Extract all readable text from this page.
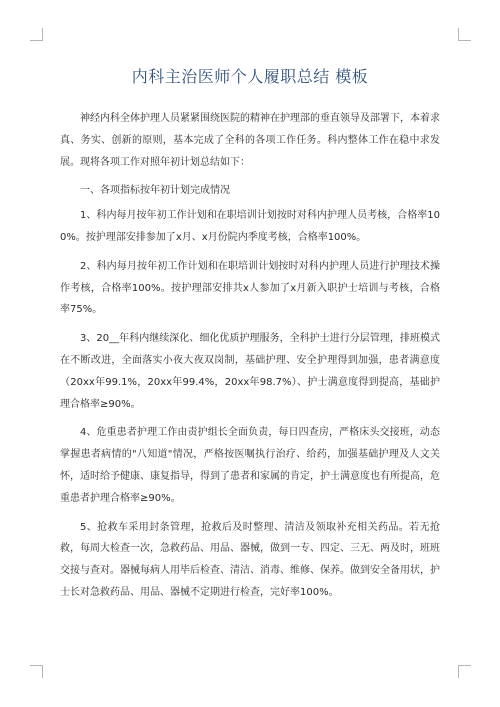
内科主治医师个人履职总结 模板

神经内科全体护理人员紧紧围绕医院的精神在护理部的垂直领导及部署下，本着求真、务实、创新的原则，基本完成了全科的各项工作任务。科内整体工作在稳中求发展。现将各项工作对照年初计划总结如下：

一、各项指标按年初计划完成情况

1、科内每月按年初工作计划和在职培训计划按时对科内护理人员考核，合格率100%。按护理部安排参加了x月、x月份院内季度考核，合格率100%。

2、科内每月按年初工作计划和在职培训计划按时对科内护理人员进行护理技术操作考核，合格率100%。按护理部安排共x人参加了x月新入职护士培训与考核，合格率75%。

3、20__年科内继续深化、细化优质护理服务，全科护士进行分层管理，排班模式在不断改进，全面落实小夜大夜双岗制，基础护理、安全护理得到加强，患者满意度（20xx年99.1%，20xx年99.4%，20xx年98.7%）、护士满意度得到提高，基础护理合格率≥90%。

4、危重患者护理工作由责护组长全面负责，每日四查房，严格床头交接班，动态掌握患者病情的"八知道"情况，严格按医嘱执行治疗、给药，加强基础护理及人文关怀，适时给予健康、康复指导，得到了患者和家属的肯定，护士满意度也有所提高，危重患者护理合格率≥90%。

5、抢救车采用封条管理，抢救后及时整理、清洁及领取补充相关药品。若无抢救，每周大检查一次，急救药品、用品、器械，做到一专、四定、三无、两及时，班班交接与查对。器械每病人用毕后检查、清洁、消毒、维修、保养。做到安全备用状，护士长对急救药品、用品、器械不定期进行检查，完好率100%。
